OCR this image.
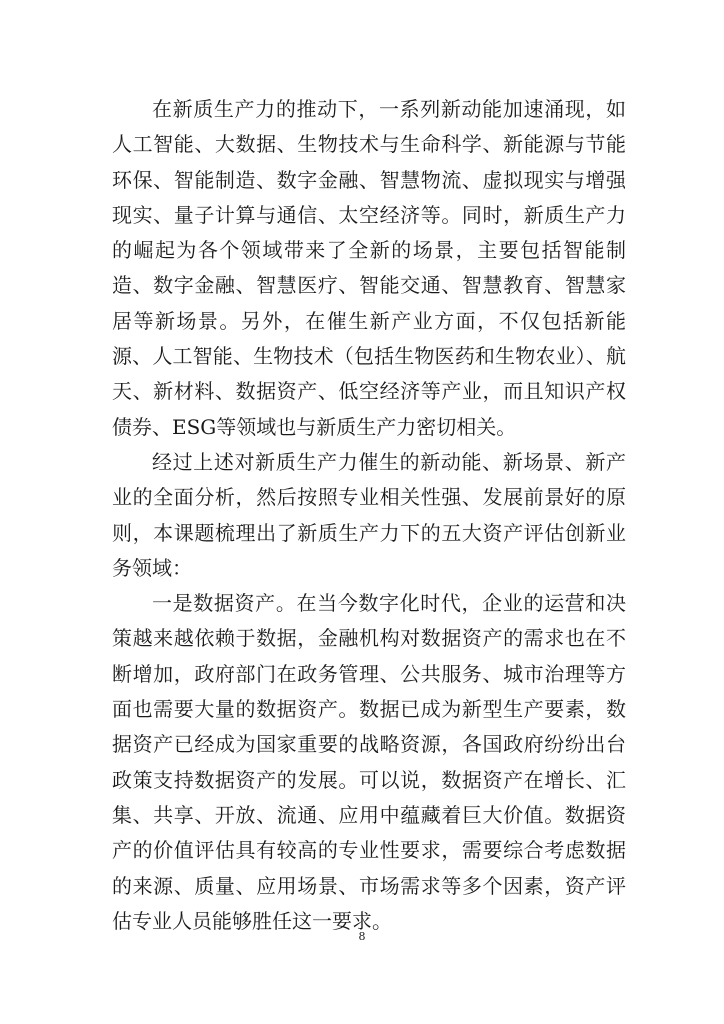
在新质生产力的推动下，一系列新动能加速涌现，如人工智能、大数据、生物技术与生命科学、新能源与节能环保、智能制造、数字金融、智慧物流、虚拟现实与增强现实、量子计算与通信、太空经济等。同时，新质生产力的崛起为各个领域带来了全新的场景，主要包括智能制造、数字金融、智慧医疗、智能交通、智慧教育、智慧家居等新场景。另外，在催生新产业方面，不仅包括新能源、人工智能、生物技术（包括生物医药和生物农业）、航天、新材料、数据资产、低空经济等产业，而且知识产权债券、ESG等领域也与新质生产力密切相关。

经过上述对新质生产力催生的新动能、新场景、新产业的全面分析，然后按照专业相关性强、发展前景好的原则，本课题梳理出了新质生产力下的五大资产评估创新业务领域：

一是数据资产。在当今数字化时代，企业的运营和决策越来越依赖于数据，金融机构对数据资产的需求也在不断增加，政府部门在政务管理、公共服务、城市治理等方面也需要大量的数据资产。数据已成为新型生产要素，数据资产已经成为国家重要的战略资源，各国政府纷纷出台政策支持数据资产的发展。可以说，数据资产在增长、汇集、共享、开放、流通、应用中蕴藏着巨大价值。数据资产的价值评估具有较高的专业性要求，需要综合考虑数据的来源、质量、应用场景、市场需求等多个因素，资产评估专业人员能够胜任这一要求。

8
